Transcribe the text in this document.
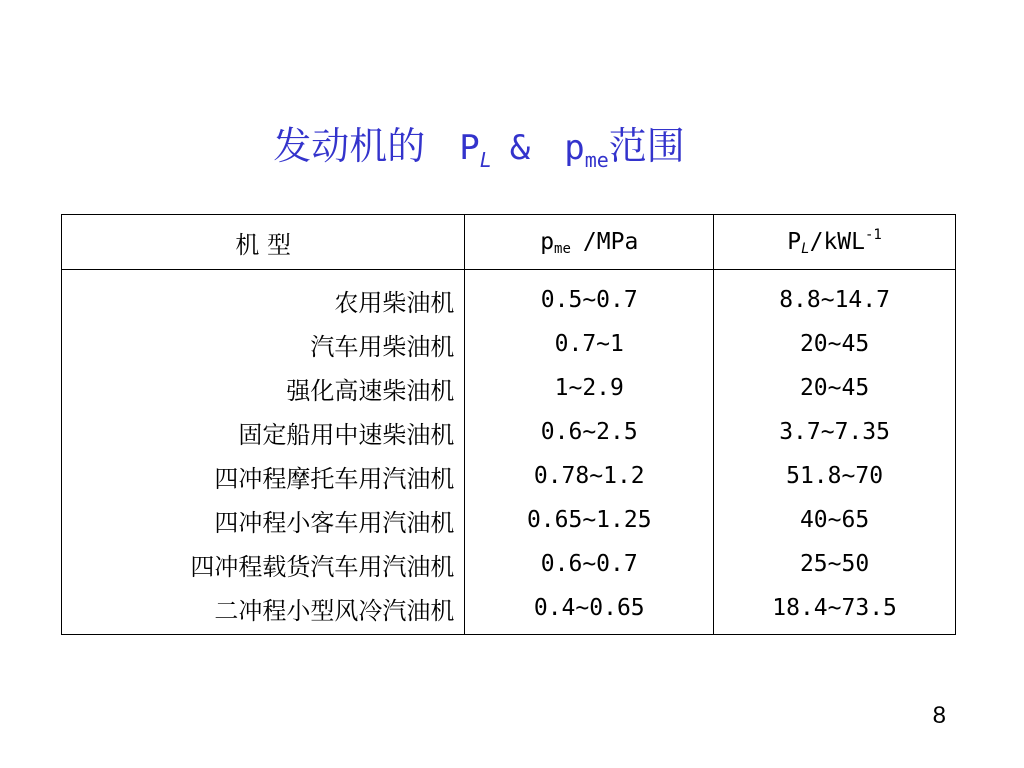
发动机的 $P_L$ & $p_{me}$范围
机 型	$p_{me}$ /MPa	$P_L/kWL^{-1}$
农用柴油机	0.5~0.7	8.8~14.7
汽车用柴油机	0.7~1	20~45
强化高速柴油机	1~2.9	20~45
固定船用中速柴油机	0.6~2.5	3.7~7.35
四冲程摩托车用汽油机	0.78~1.2	51.8~70
四冲程小客车用汽油机	0.65~1.25	40~65
四冲程载货汽车用汽油机	0.6~0.7	25~50
二冲程小型风冷汽油机	0.4~0.65	18.4~73.5
8
